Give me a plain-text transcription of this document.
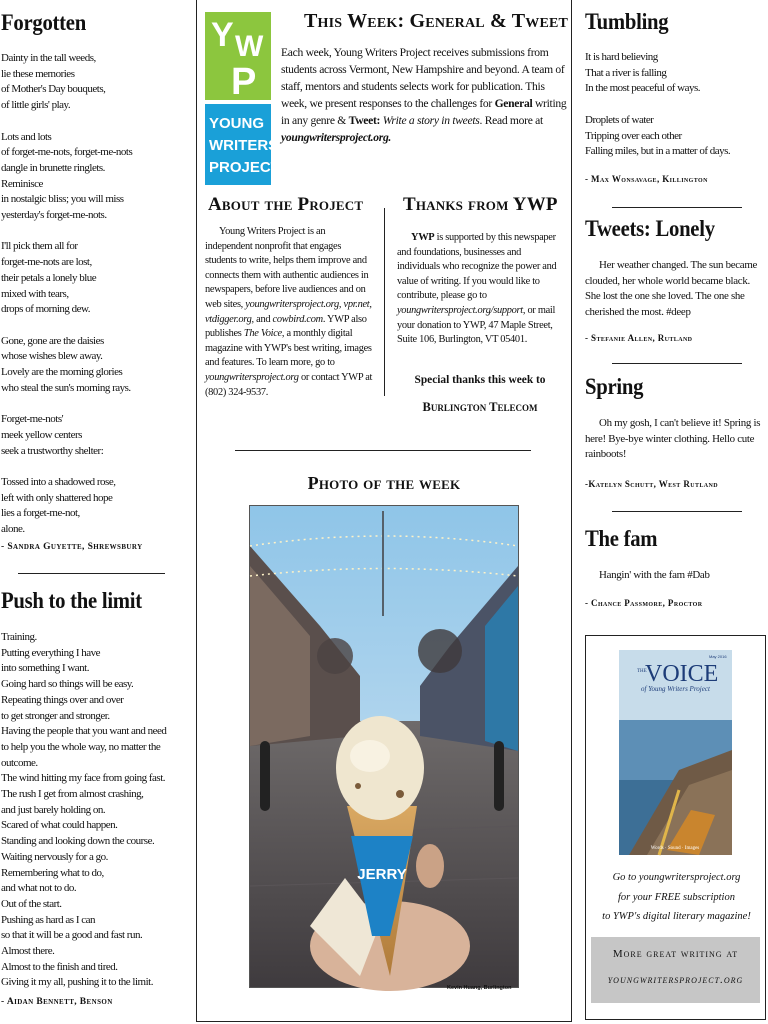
Forgotten
Dainty in the tall weeds,
lie these memories
of Mother's Day bouquets,
of little girls' play.

Lots and lots
of forget-me-nots, forget-me-nots
dangle in brunette ringlets.
Reminisce
in nostalgic bliss; you will miss
yesterday's forget-me-nots.

I'll pick them all for
forget-me-nots are lost,
their petals a lonely blue
mixed with tears,
drops of morning dew.

Gone, gone are the daisies
whose wishes blew away.
Lovely are the morning glories
who steal the sun's morning rays.

Forget-me-nots'
meek yellow centers
seek a trustworthy shelter:

Tossed into a shadowed rose,
left with only shattered hope
lies a forget-me-not,
alone.
- Sandra Guyette, Shrewsbury
Push to the limit
Training.
Putting everything I have
into something I want.
Going hard so things will be easy.
Repeating things over and over
to get stronger and stronger.
Having the people that you want and need
to help you the whole way, no matter the
outcome.
The wind hitting my face from going fast.
The rush I get from almost crashing,
and just barely holding on.
Scared of what could happen.
Standing and looking down the course.
Waiting nervously for a go.
Remembering what to do,
and what not to do.
Out of the start.
Pushing as hard as I can
so that it will be a good and fast run.
Almost there.
Almost to the finish and tired.
Giving it my all, pushing it to the limit.
- Aidan Bennett, Benson
Y W
P
YOUNG
WRITERS
PROJECT
This Week: General & Tweet
Each week, Young Writers Project receives submissions from students across Vermont, New Hampshire and beyond. A team of staff, mentors and students selects work for publication. This week, we present responses to the challenges for General writing in any genre & Tweet: Write a story in tweets. Read more at youngwritersproject.org.
About the Project
Young Writers Project is an independent nonprofit that engages students to write, helps them improve and connects them with authentic audiences in newspapers, before live audiences and on web sites, youngwritersproject.org, vpr.net, vtdigger.org, and cowbird.com. YWP also publishes The Voice, a monthly digital magazine with YWP's best writing, images and features. To learn more, go to youngwritersproject.org or contact YWP at (802) 324-9537.
Thanks from YWP
YWP is supported by this newspaper and foundations, businesses and individuals who recognize the power and value of writing. If you would like to contribute, please go to youngwritersproject.org/support, or mail your donation to YWP, 47 Maple Street, Suite 106, Burlington, VT 05401.
Special thanks this week to
Burlington Telecom
Photo of the week
JERRY
Kevin Huang, Burlington
Tumbling
It is hard believing
That a river is falling
In the most peaceful of ways.

Droplets of water
Tripping over each other
Falling miles, but in a matter of days.
- Max Wonsavage, Killington
Tweets: Lonely
Her weather changed. The sun became clouded, her whole world became black. She lost the one she loved. The one she cherished the most. #deep
- Stefanie Allen, Rutland
Spring
Oh my gosh, I can't believe it! Spring is here! Bye-bye winter clothing. Hello cute rainboots!
-Katelyn Schutt, West Rutland
The fam
Hangin' with the fam #Dab
- Chance Passmore, Proctor
THE
VOICE
of Young Writers Project
May 2016
Words · Sound · Images
Go to youngwritersproject.org
for your FREE subscription
to YWP's digital literary magazine!
More great writing at
youngwritersproject.org
